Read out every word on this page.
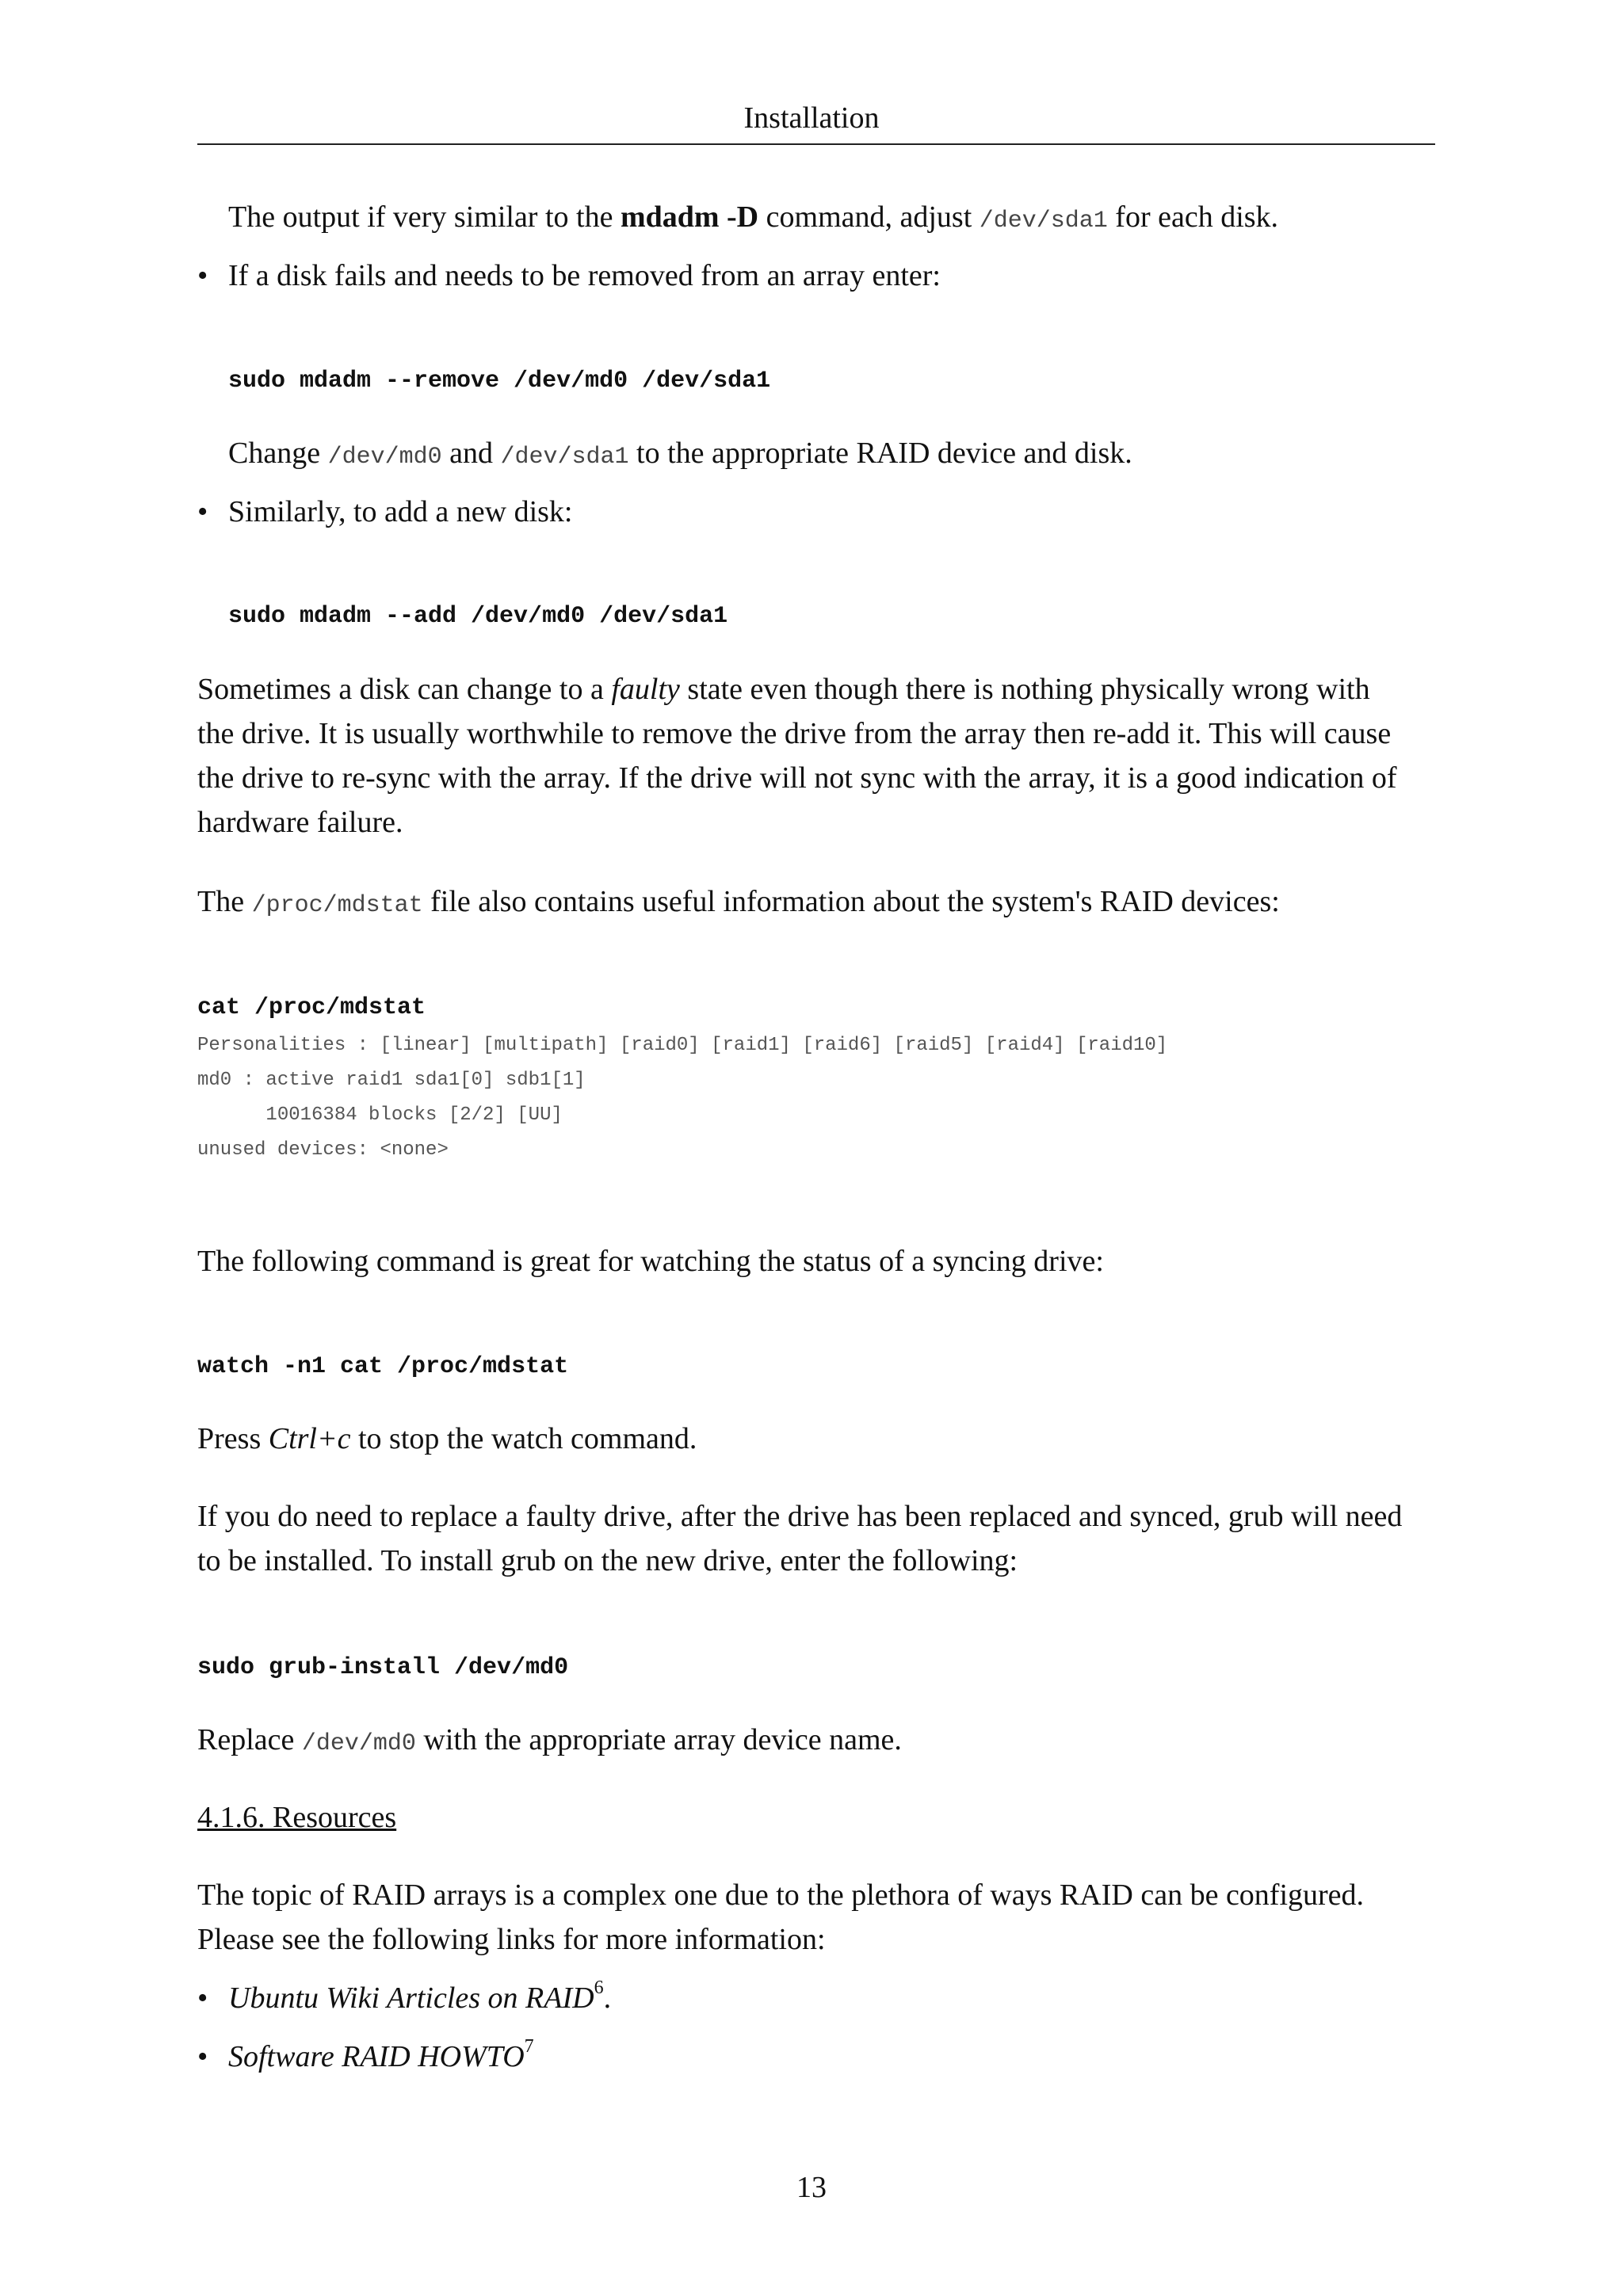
Installation
The output if very similar to the mdadm -D command, adjust /dev/sda1 for each disk.
• If a disk fails and needs to be removed from an array enter:
sudo mdadm --remove /dev/md0 /dev/sda1
Change /dev/md0 and /dev/sda1 to the appropriate RAID device and disk.
• Similarly, to add a new disk:
sudo mdadm --add /dev/md0 /dev/sda1
Sometimes a disk can change to a faulty state even though there is nothing physically wrong with
the drive. It is usually worthwhile to remove the drive from the array then re-add it. This will cause
the drive to re-sync with the array. If the drive will not sync with the array, it is a good indication of
hardware failure.
The /proc/mdstat file also contains useful information about the system's RAID devices:
cat /proc/mdstat
Personalities : [linear] [multipath] [raid0] [raid1] [raid6] [raid5] [raid4] [raid10]
md0 : active raid1 sda1[0] sdb1[1]
10016384 blocks [2/2] [UU]
unused devices: <none>
The following command is great for watching the status of a syncing drive:
watch -n1 cat /proc/mdstat
Press Ctrl+c to stop the watch command.
If you do need to replace a faulty drive, after the drive has been replaced and synced, grub will need
to be installed. To install grub on the new drive, enter the following:
sudo grub-install /dev/md0
Replace /dev/md0 with the appropriate array device name.
4.1.6. Resources
The topic of RAID arrays is a complex one due to the plethora of ways RAID can be configured.
Please see the following links for more information:
• Ubuntu Wiki Articles on RAID$^6$.
• Software RAID HOWTO$^7$
13
